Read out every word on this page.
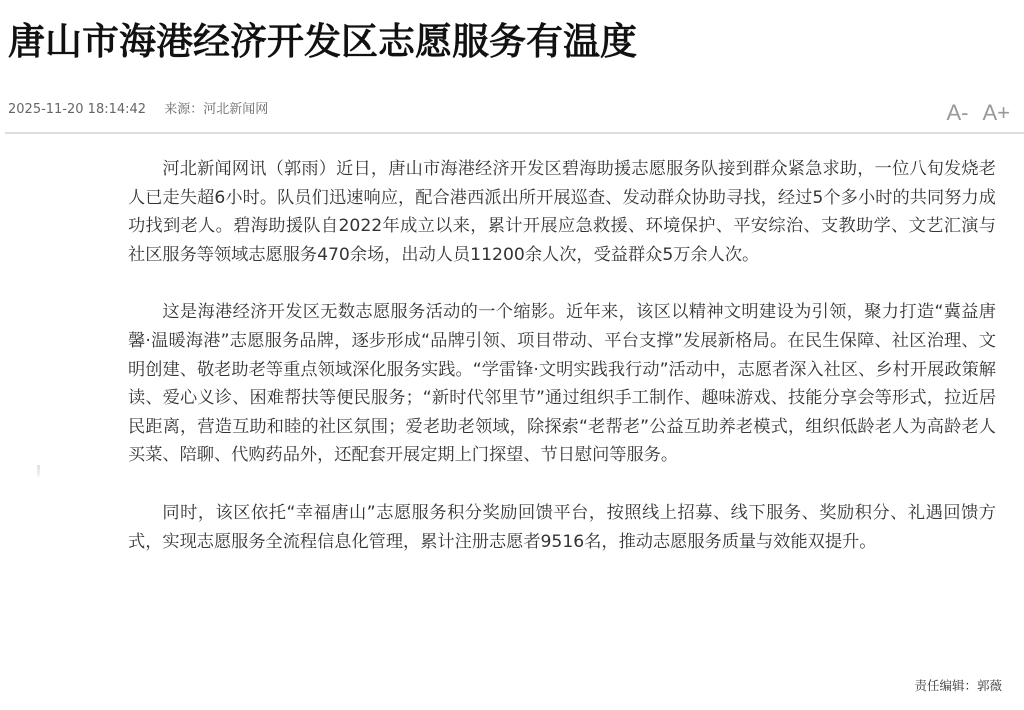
唐山市海港经济开发区志愿服务有温度
2025-11-20 18:14:42 来源：河北新闻网	A- A+

河北新闻网讯（郭雨）近日，唐山市海港经济开发区碧海助援志愿服务队接到群众紧急求助，一位八旬发烧老人已走失超6小时。队员们迅速响应，配合港西派出所开展巡查、发动群众协助寻找，经过5个多小时的共同努力成功找到老人。碧海助援队自2022年成立以来，累计开展应急救援、环境保护、平安综治、支教助学、文艺汇演与社区服务等领域志愿服务470余场，出动人员11200余人次，受益群众5万余人次。

这是海港经济开发区无数志愿服务活动的一个缩影。近年来，该区以精神文明建设为引领，聚力打造“冀益唐馨·温暖海港”志愿服务品牌，逐步形成“品牌引领、项目带动、平台支撑”发展新格局。在民生保障、社区治理、文明创建、敬老助老等重点领域深化服务实践。“学雷锋·文明实践我行动”活动中，志愿者深入社区、乡村开展政策解读、爱心义诊、困难帮扶等便民服务；“新时代邻里节”通过组织手工制作、趣味游戏、技能分享会等形式，拉近居民距离，营造互助和睦的社区氛围；爱老助老领域，除探索“老帮老”公益互助养老模式，组织低龄老人为高龄老人买菜、陪聊、代购药品外，还配套开展定期上门探望、节日慰问等服务。

同时，该区依托“幸福唐山”志愿服务积分奖励回馈平台，按照线上招募、线下服务、奖励积分、礼遇回馈方式，实现志愿服务全流程信息化管理，累计注册志愿者9516名，推动志愿服务质量与效能双提升。

责任编辑：郭薇
